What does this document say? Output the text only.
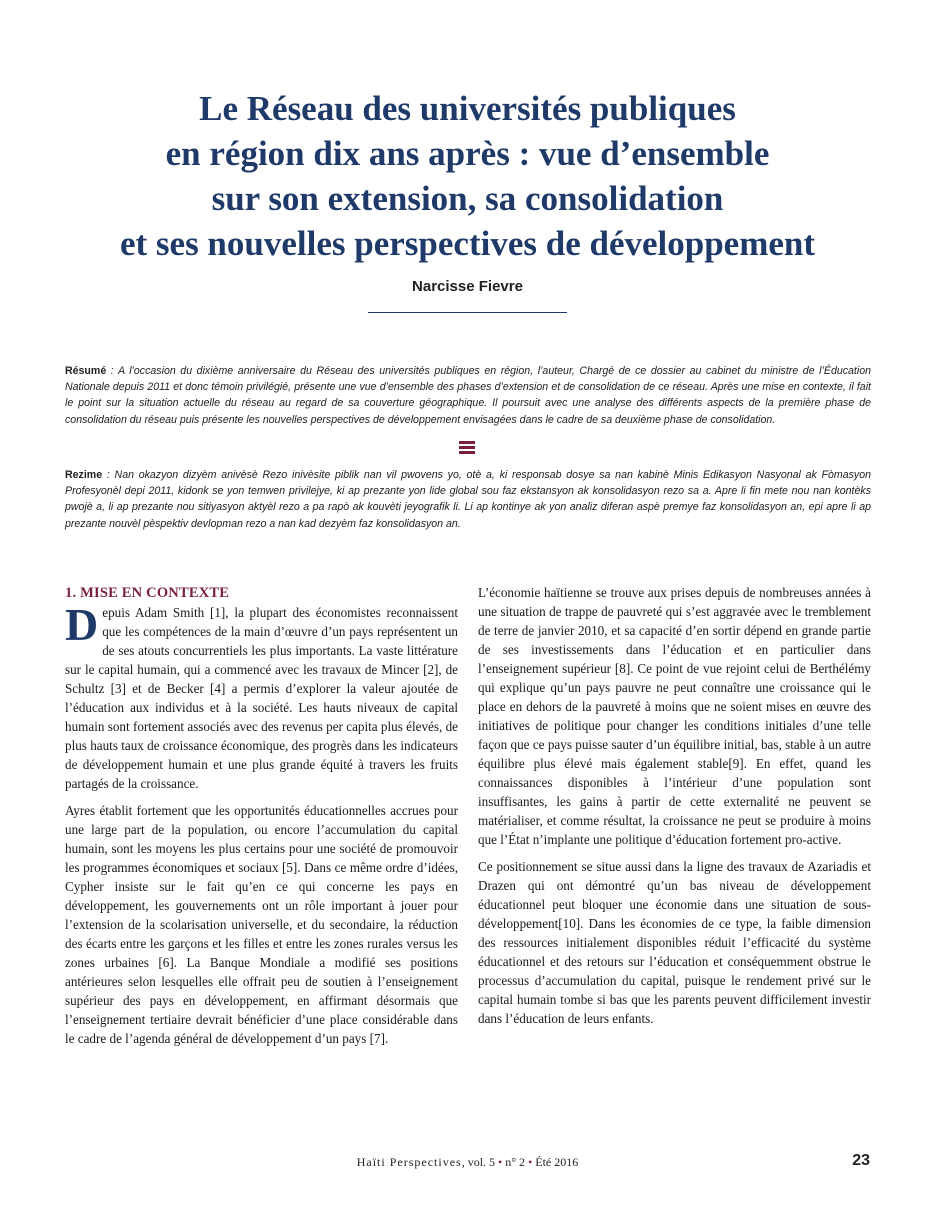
Le Réseau des universités publiques
en région dix ans après : vue d’ensemble
sur son extension, sa consolidation
et ses nouvelles perspectives de développement
Narcisse Fievre

Résumé : A l’occasion du dixième anniversaire du Réseau des universités publiques en région, l’auteur, Chargé de ce dossier au cabinet du ministre de l’Éducation Nationale depuis 2011 et donc témoin privilégié, présente une vue d’ensemble des phases d’extension et de consolidation de ce réseau. Après une mise en contexte, il fait le point sur la situation actuelle du réseau au regard de sa couverture géographique. Il poursuit avec une analyse des différents aspects de la première phase de consolidation du réseau puis présente les nouvelles perspectives de développement envisagées dans le cadre de sa deuxième phase de consolidation.

Rezime : Nan okazyon dizyèm anivèsè Rezo inivèsite piblik nan vil pwovens yo, otè a, ki responsab dosye sa nan kabinè Minis Edikasyon Nasyonal ak Fòmasyon Profesyonèl depi 2011, kidonk se yon temwen privilejye, ki ap prezante yon lide global sou faz ekstansyon ak konsolidasyon rezo sa a. Apre li fin mete nou nan kontèks pwojè a, li ap prezante nou sitiyasyon aktyèl rezo a pa rapò ak kouvèti jeyografik li. Li ap kontinye ak yon analiz diferan aspè premye faz konsolidasyon an, epi apre li ap prezante nouvèl pèspektiv devlopman rezo a nan kad dezyèm faz konsolidasyon an.

1. MISE EN CONTEXTE

Depuis Adam Smith [1], la plupart des économistes reconnaissent que les compétences de la main d’œuvre d’un pays représentent un de ses atouts concurrentiels les plus importants. La vaste littérature sur le capital humain, qui a commencé avec les travaux de Mincer [2], de Schultz [3] et de Becker [4] a permis d’explorer la valeur ajoutée de l’éducation aux individus et à la société. Les hauts niveaux de capital humain sont fortement associés avec des revenus per capita plus élevés, de plus hauts taux de croissance économique, des progrès dans les indicateurs de développement humain et une plus grande équité à travers les fruits partagés de la croissance.

Ayres établit fortement que les opportunités éducationnelles accrues pour une large part de la population, ou encore l’accumulation du capital humain, sont les moyens les plus certains pour une société de promouvoir les programmes économiques et sociaux [5]. Dans ce même ordre d’idées, Cypher insiste sur le fait qu’en ce qui concerne les pays en développement, les gouvernements ont un rôle important à jouer pour l’extension de la scolarisation universelle, et du secondaire, la réduction des écarts entre les garçons et les filles et entre les zones rurales versus les zones urbaines [6]. La Banque Mondiale a modifié ses positions antérieures selon lesquelles elle offrait peu de soutien à l’enseignement supérieur des pays en développement, en affirmant désormais que l’enseignement tertiaire devrait bénéficier d’une place considérable dans le cadre de l’agenda général de développement d’un pays [7].

L’économie haïtienne se trouve aux prises depuis de nombreuses années à une situation de trappe de pauvreté qui s’est aggravée avec le tremblement de terre de janvier 2010, et sa capacité d’en sortir dépend en grande partie de ses investissements dans l’éducation et en particulier dans l’enseignement supérieur [8]. Ce point de vue rejoint celui de Berthélémy qui explique qu’un pays pauvre ne peut connaître une croissance qui le place en dehors de la pauvreté à moins que ne soient mises en œuvre des initiatives de politique pour changer les conditions initiales d’une telle façon que ce pays puisse sauter d’un équilibre initial, bas, stable à un autre équilibre plus élevé mais également stable[9]. En effet, quand les connaissances disponibles à l’intérieur d’une population sont insuffisantes, les gains à partir de cette externalité ne peuvent se matérialiser, et comme résultat, la croissance ne peut se produire à moins que l’État n’implante une politique d’éducation fortement pro-active.

Ce positionnement se situe aussi dans la ligne des travaux de Azariadis et Drazen qui ont démontré qu’un bas niveau de développement éducationnel peut bloquer une économie dans une situation de sous-développement[10]. Dans les économies de ce type, la faible dimension des ressources initialement disponibles réduit l’efficacité du système éducationnel et des retours sur l’éducation et conséquemment obstrue le processus d’accumulation du capital, puisque le rendement privé sur le capital humain tombe si bas que les parents peuvent difficilement investir dans l’éducation de leurs enfants.

Haïti Perspectives, vol. 5 • n° 2 • Été 2016	23
